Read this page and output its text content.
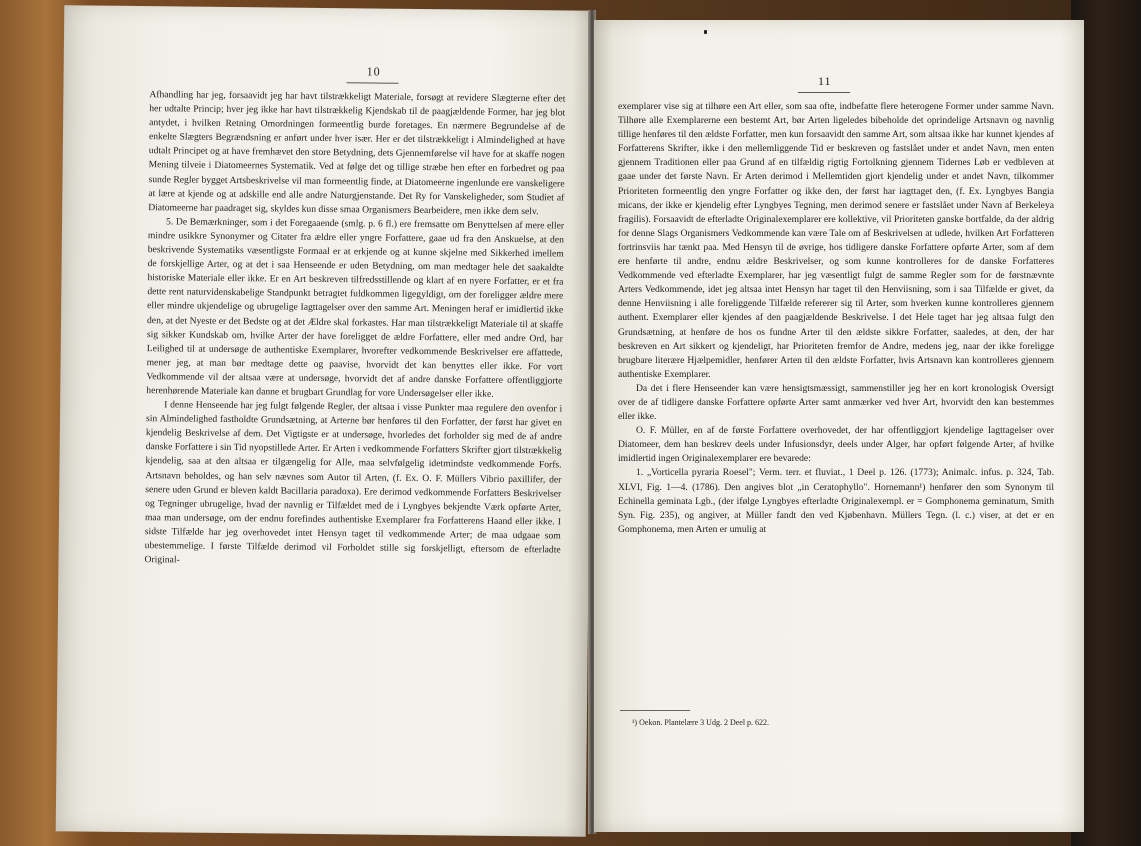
10

Afhandling har jeg, forsaavidt jeg har havt tilstrækkeligt Materiale, forsøgt at revidere Slægterne efter det her udtalte Princip; hver jeg ikke har havt tilstrækkelig Kjendskab til de paagjældende Former, har jeg blot antydet, i hvilken Retning Omordningen formeentlig burde foretages. En nærmere Begrundelse af de enkelte Slægters Begrændsning er anført under hver især. Her er det tilstrækkeligt i Almindelighed at have udtalt Principet og at have fremhævet den store Betydning, dets Gjennemførelse vil have for at skaffe nogen Mening tilveie i Diatomeernes Systematik. Ved at følge det og tillige stræbe hen efter en forbedret og paa sunde Regler bygget Artsbeskrivelse vil man formeentlig finde, at Diatomeerne ingenlunde ere vanskeligere at lære at kjende og at adskille end alle andre Naturgjenstande. Det Ry for Vanskeligheder, som Studiet af Diatomeerne har paadraget sig, skyldes kun disse smaa Organismers Bearbeidere, men ikke dem selv.

5. De Bemærkninger, som i det Foregaaende (smlg. p. 6 fl.) ere fremsatte om Benyttelsen af mere eller mindre usikkre Synonymer og Citater fra ældre eller yngre Forfattere, gaae ud fra den Anskuelse, at den beskrivende Systematiks væsentligste Formaal er at erkjende og at kunne skjelne med Sikkerhed imellem de forskjellige Arter, og at det i saa Henseende er uden Betydning, om man medtager hele det saakaldte historiske Materiale eller ikke. Er en Art beskreven tilfredsstillende og klart af en nyere Forfatter, er et fra dette rent naturvidenskabelige Standpunkt betragtet fuldkommen ligegyldigt, om der foreligger ældre mere eller mindre ukjendelige og ubrugelige Iagttagelser over den samme Art. Meningen heraf er imidlertid ikke den, at det Nyeste er det Bedste og at det Ældre skal forkastes. Har man tilstrækkeligt Materiale til at skaffe sig sikker Kundskab om, hvilke Arter der have foreligget de ældre Forfattere, eller med andre Ord, har Leilighed til at undersøge de authentiske Exemplarer, hvorefter vedkommende Beskrivelser ere affattede, mener jeg, at man bør medtage dette og paavise, hvorvidt det kan benyttes eller ikke. For vort Vedkommende vil der altsaa være at undersøge, hvorvidt det af andre danske Forfattere offentliggjorte herenhørende Materiale kan danne et brugbart Grundlag for vore Undersøgelser eller ikke.

I denne Henseende har jeg fulgt følgende Regler, der altsaa i visse Punkter maa regulere den ovenfor i sin Almindelighed fastholdte Grundsætning, at Arterne bør henføres til den Forfatter, der først har givet en kjendelig Beskrivelse af dem. Det Vigtigste er at undersøge, hvorledes det forholder sig med de af andre danske Forfattere i sin Tid nyopstillede Arter. Er Arten i vedkommende Forfatters Skrifter gjort tilstrækkelig kjendelig, saa at den altsaa er tilgængelig for Alle, maa selvfølgelig idetmindste vedkommende Forfs. Artsnavn beholdes, og han selv nævnes som Autor til Arten, (f. Ex. O. F. Müllers Vibrio paxillifer, der senere uden Grund er bleven kaldt Bacillaria paradoxa). Ere derimod vedkommende Forfatters Beskrivelser og Tegninger ubrugelige, hvad der navnlig er Tilfældet med de i Lyngbyes bekjendte Værk opførte Arter, maa man undersøge, om der endnu forefindes authentiske Exemplarer fra Forfatterens Haand eller ikke. I sidste Tilfælde har jeg overhovedet intet Hensyn taget til vedkommende Arter; de maa udgaae som ubestemmelige. I første Tilfælde derimod vil Forholdet stille sig forskjelligt, eftersom de efterladte Original-

11

exemplarer vise sig at tilhøre een Art eller, som saa ofte, indbefatte flere heterogene Former under samme Navn. Tilhøre alle Exemplarerne een bestemt Art, bør Arten ligeledes bibeholde det oprindelige Artsnavn og navnlig tillige henføres til den ældste Forfatter, men kun forsaavidt den samme Art, som altsaa ikke har kunnet kjendes af Forfatterens Skrifter, ikke i den mellemliggende Tid er beskreven og fastslået under et andet Navn, men enten gjennem Traditionen eller paa Grund af en tilfældig rigtig Fortolkning gjennem Tidernes Løb er vedbleven at gaae under det første Navn. Er Arten derimod i Mellemtiden gjort kjendelig under et andet Navn, tilkommer Prioriteten formeentlig den yngre Forfatter og ikke den, der først har iagttaget den, (f. Ex. Lyngbyes Bangia micans, der ikke er kjendelig efter Lyngbyes Tegning, men derimod senere er fastslået under Navn af Berkeleya fragilis). Forsaavidt de efterladte Originalexemplarer ere kollektive, vil Prioriteten ganske bortfalde, da der aldrig for denne Slags Organismers Vedkommende kan være Tale om af Beskrivelsen at udlede, hvilken Art Forfatteren fortrinsviis har tænkt paa. Med Hensyn til de øvrige, hos tidligere danske Forfattere opførte Arter, som af dem ere henførte til andre, endnu ældre Beskrivelser, og som kunne kontrolleres for de danske Forfatteres Vedkommende ved efterladte Exemplarer, har jeg væsentligt fulgt de samme Regler som for de førstnævnte Arters Vedkommende, idet jeg altsaa intet Hensyn har taget til den Henviisning, som i saa Tilfælde er givet, da denne Henviisning i alle foreliggende Tilfælde refererer sig til Arter, som hverken kunne kontrolleres gjennem authent. Exemplarer eller kjendes af den paagjældende Beskrivelse. I det Hele taget har jeg altsaa fulgt den Grundsætning, at henføre de hos os fundne Arter til den ældste sikkre Forfatter, saaledes, at den, der har beskreven en Art sikkert og kjendeligt, har Prioriteten fremfor de Andre, medens jeg, naar der ikke foreligge brugbare literære Hjælpemidler, henfører Arten til den ældste Forfatter, hvis Artsnavn kan kontrolleres gjennem authentiske Exemplarer.

Da det i flere Henseender kan være hensigtsmæssigt, sammenstiller jeg her en kort kronologisk Oversigt over de af tidligere danske Forfattere opførte Arter samt anmærker ved hver Art, hvorvidt den kan bestemmes eller ikke.

O. F. Müller, en af de første Forfattere overhovedet, der har offentliggjort kjendelige Iagttagelser over Diatomeer, dem han beskrev deels under Infusionsdyr, deels under Alger, har opført følgende Arter, af hvilke imidlertid ingen Originalexemplarer ere bevarede:

1. „Vorticella pyraria Roesel"; Verm. terr. et fluviat., 1 Deel p. 126. (1773); Animalc. infus. p. 324, Tab. XLVI, Fig. 1—4. (1786). Den angives blot „in Ceratophyllo". Hornemann¹) henfører den som Synonym til Echinella geminata Lgb., (der ifølge Lyngbyes efterladte Originalexempl. er = Gomphonema geminatum, Smith Syn. Fig. 235), og angiver, at Müller fandt den ved Kjøbenhavn. Müllers Tegn. (l. c.) viser, at det er en Gomphonema, men Arten er umulig at

¹) Oekon. Plantelære 3 Udg. 2 Deel p. 622.
